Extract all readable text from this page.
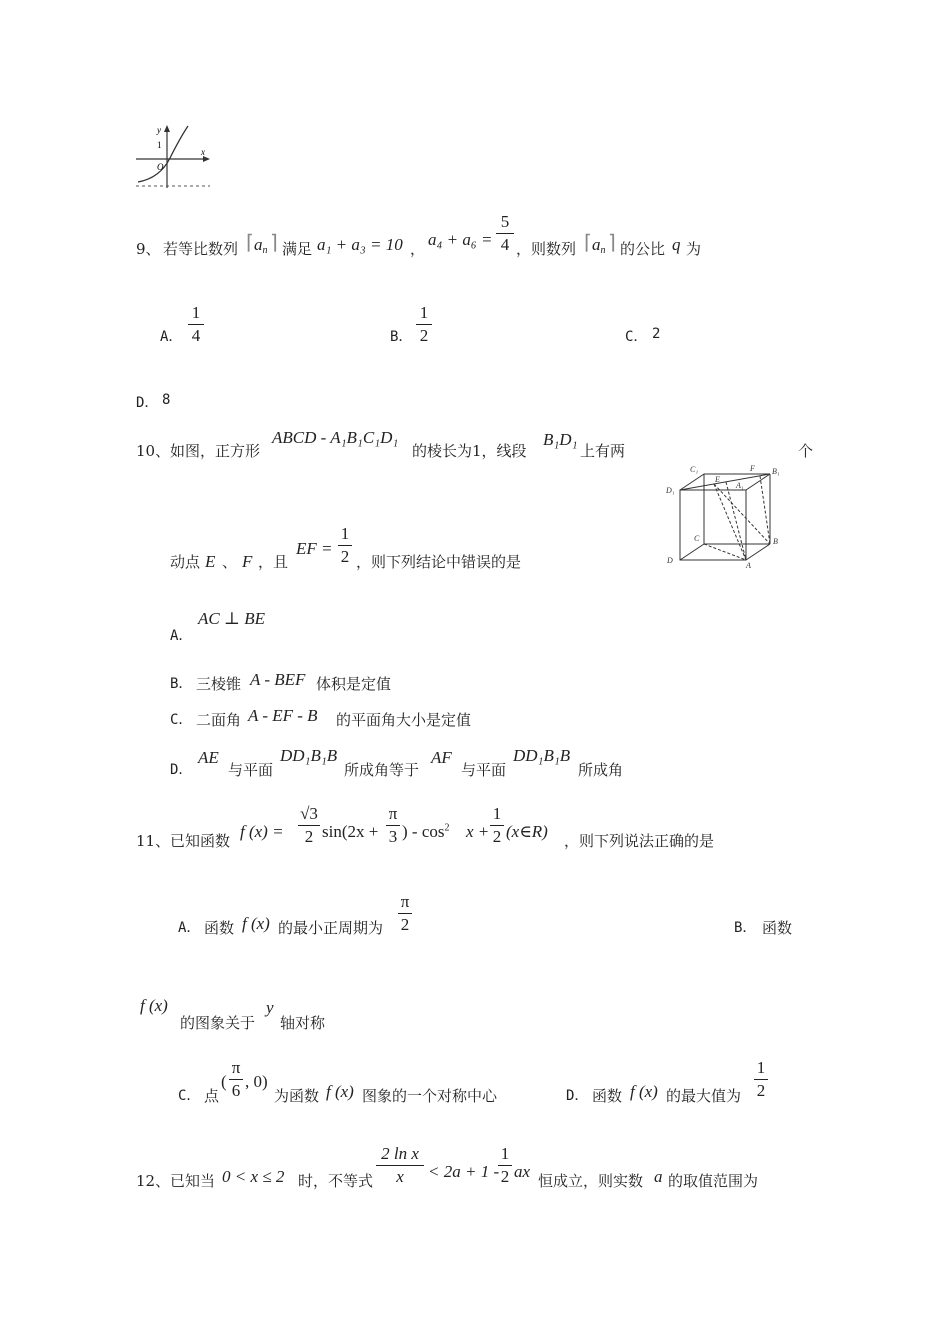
y
x
1
O
9、 若等比数列 ⌈ $a_n$ ⌉ 满足 a₁ + a₃ = 10 ， a₄ + a₆ =
5
4 ，则数列 ⌈ $a_n$ ⌉ 的公比 q 为
A．
1
4	B．
1
2	C． 2
D． 8
10、 如图，正方形
ABCD - A₁B₁C₁D₁
的棱长为1，线段
B₁D₁
上有两	个
动点 E 、 F ，且
EF =
1
2 ，则下列结论中错误的是
A．
AC ⊥ BE
B． 三棱锥 A - BEF 体积是定值
C． 二面角 A - EF - B 的平面角大小是定值
D．
AE
与平面
DD₁B₁B
所成角等于
AF
与平面
DD₁B₁B
所成角
C₁	F B₁
D₁
E
A₁
C	B
D
A
11、 已知函数 f (x) =
√3
2 sin(2x +
π
3 ) - $\cos^2 x$ +
1
2 (x∈R) ，则下列说法正确的是
A． 函数 f (x) 的最小正周期为
π
2	B． 函数
f (x)
的图象关于
y
轴对称
C． 点
(
π
6 , 0)
为函数 f (x) 图象的一个对称中心	D． 函数 f (x) 的最大值为
1
2
12、 已知当 0 < x ≤ 2 时，不等式
2 ln x
x	< 2a + 1 -
1
2 ax 恒成立，则实数 a 的取值范围为
